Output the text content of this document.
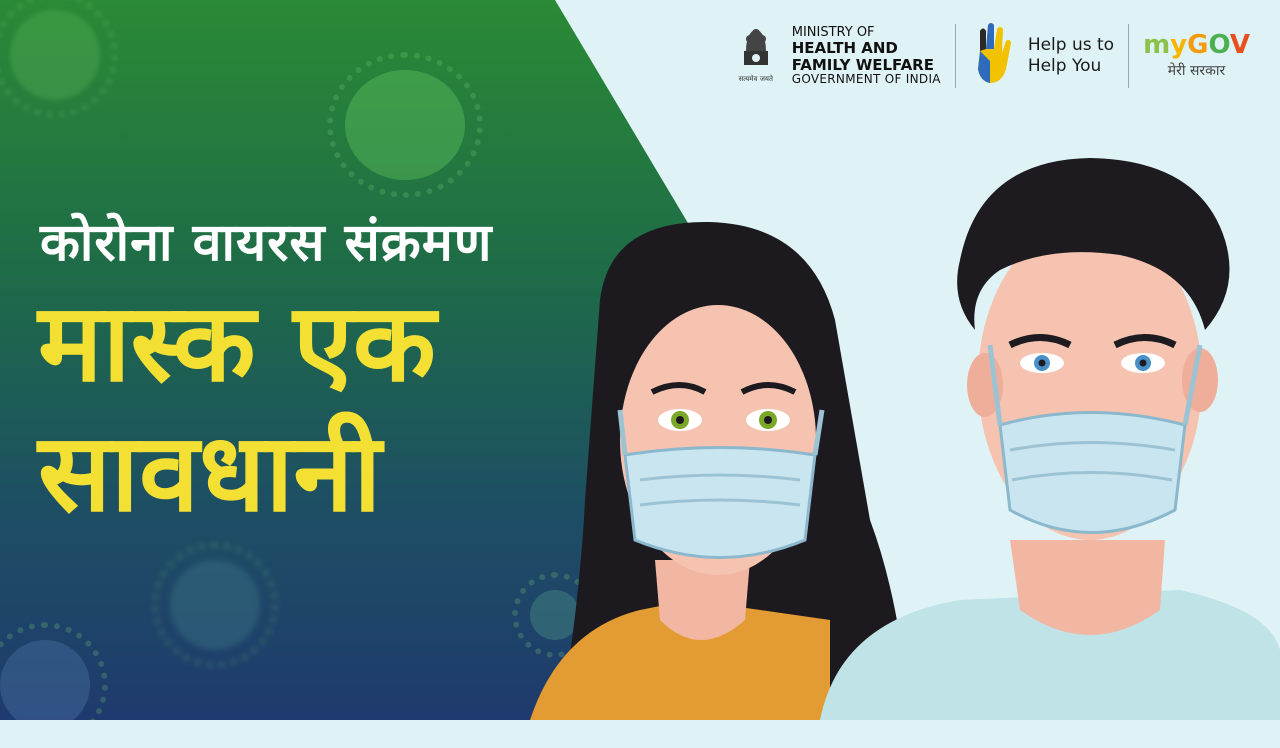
कोरोना वायरस संक्रमण
मास्क एक
सावधानी
सत्यमेव जयते
MINISTRY OF
HEALTH AND
FAMILY WELFARE
GOVERNMENT OF INDIA
Help us to
Help You
myGOV
मेरी सरकार
